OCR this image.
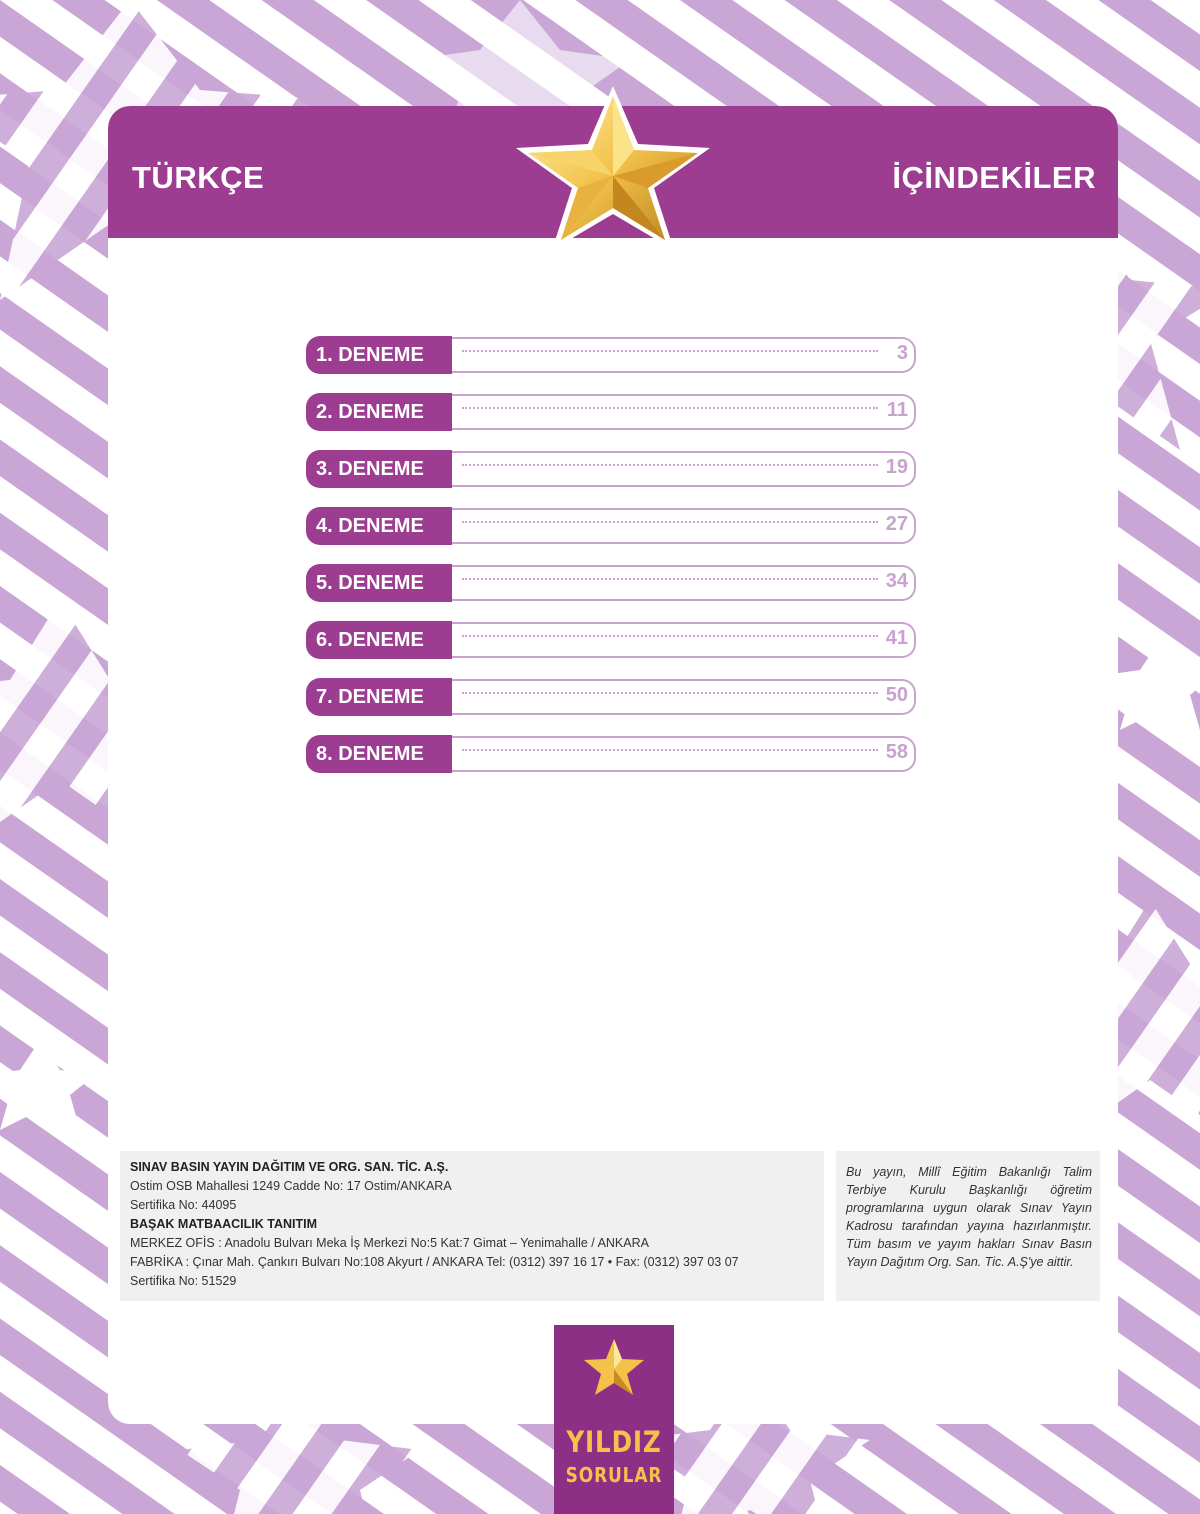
TÜRKÇE	İÇİNDEKİLER
1. DENEME	3
2. DENEME	11
3. DENEME	19
4. DENEME	27
5. DENEME	34
6. DENEME	41
7. DENEME	50
8. DENEME	58
SINAV BASIN YAYIN DAĞITIM VE ORG. SAN. TİC. A.Ş.
Ostim OSB Mahallesi 1249 Cadde No: 17 Ostim/ANKARA
Sertifika No: 44095
BAŞAK MATBAACILIK TANITIM
MERKEZ OFİS : Anadolu Bulvarı Meka İş Merkezi No:5 Kat:7 Gimat – Yenimahalle / ANKARA
FABRİKA : Çınar Mah. Çankırı Bulvarı No:108 Akyurt / ANKARA Tel: (0312) 397 16 17 • Fax: (0312) 397 03 07
Sertifika No: 51529
Bu yayın, Millî Eğitim Bakanlığı Talim Terbiye Kurulu Başkanlığı öğretim programlarına uygun olarak Sınav Yayın Kadrosu tarafından yayına hazırlanmıştır. Tüm basım ve yayım hakları Sınav Basın Yayın Dağıtım Org. San. Tic. A.Ş'ye aittir.
YILDIZ
SORULAR
